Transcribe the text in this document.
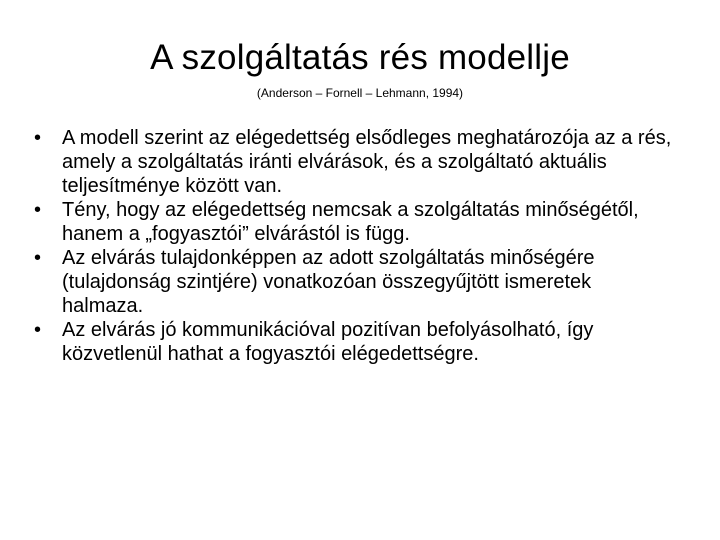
A szolgáltatás rés modellje
(Anderson – Fornell – Lehmann, 1994)
•	A modell szerint az elégedettség elsődleges meghatározója az a rés, amely a szolgáltatás iránti elvárások, és a szolgáltató aktuális teljesítménye között van.
•	Tény, hogy az elégedettség nemcsak a szolgáltatás minőségétől, hanem a „fogyasztói” elvárástól is függ.
•	Az elvárás tulajdonképpen az adott szolgáltatás minőségére (tulajdonság szintjére) vonatkozóan összegyűjtött ismeretek halmaza.
•	Az elvárás jó kommunikációval pozitívan befolyásolható, így közvetlenül hathat a fogyasztói elégedettségre.
